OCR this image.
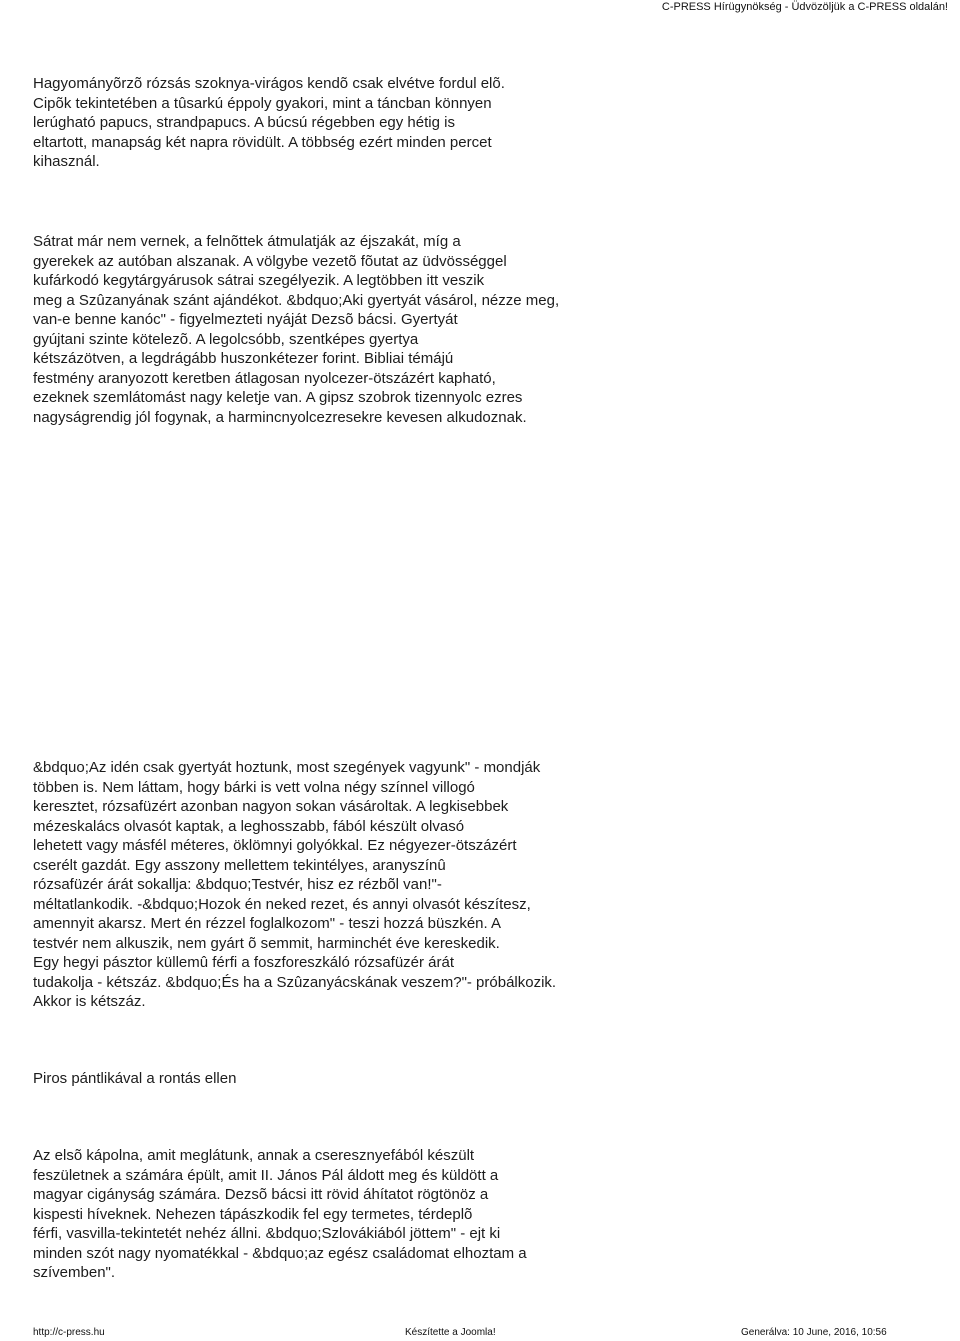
C-PRESS Hírügynökség - Üdvözöljük a C-PRESS oldalán!
Hagyományõrzõ rózsás szoknya-virágos kendõ csak elvétve fordul elõ.
Cipõk tekintetében a tûsarkú éppoly gyakori, mint a táncban könnyen
lerúgható papucs, strandpapucs. A búcsú régebben egy hétig is
eltartott, manapság két napra rövidült. A többség ezért minden percet
kihasznál.
Sátrat már nem vernek, a felnõttek átmulatják az éjszakát, míg a
gyerekek az autóban alszanak. A völgybe vezetõ fõutat az üdvösséggel
kufárkodó kegytárgyárusok sátrai szegélyezik. A legtöbben itt veszik
meg a Szûzanyának szánt ajándékot. &bdquo;Aki gyertyát vásárol, nézze meg,
van-e benne kanóc" - figyelmezteti nyáját Dezsõ bácsi. Gyertyát
gyújtani szinte kötelezõ. A legolcsóbb, szentképes gyertya
kétszázötven, a legdrágább huszonkétezer forint. Bibliai témájú
festmény aranyozott keretben átlagosan nyolcezer-ötszázért kapható,
ezeknek szemlátomást nagy keletje van. A gipsz szobrok tizennyolc ezres
nagyságrendig jól fogynak, a harmincnyolcezresekre kevesen alkudoznak.
&bdquo;Az idén csak gyertyát hoztunk, most szegények vagyunk" - mondják
többen is. Nem láttam, hogy bárki is vett volna négy színnel villogó
keresztet, rózsafüzért azonban nagyon sokan vásároltak. A legkisebbek
mézeskalács olvasót kaptak, a leghosszabb, fából készült olvasó
lehetett vagy másfél méteres, öklömnyi golyókkal. Ez négyezer-ötszázért
cserélt gazdát. Egy asszony mellettem tekintélyes, aranyszínû
rózsafüzér árát sokallja: &bdquo;Testvér, hisz ez rézbõl van!"-
méltatlankodik. -&bdquo;Hozok én neked rezet, és annyi olvasót készítesz,
amennyit akarsz. Mert én rézzel foglalkozom" - teszi hozzá büszkén. A
testvér nem alkuszik, nem gyárt õ semmit, harminchét éve kereskedik.
Egy hegyi pásztor küllemû férfi a foszforeszkáló rózsafüzér árát
tudakolja - kétszáz. &bdquo;És ha a Szûzanyácskának veszem?"- próbálkozik.
Akkor is kétszáz.
Piros pántlikával a rontás ellen
Az elsõ kápolna, amit meglátunk, annak a cseresznyefából készült
feszületnek a számára épült, amit II. János Pál áldott meg és küldött a
magyar cigányság számára. Dezsõ bácsi itt rövid áhítatot rögtönöz a
kispesti híveknek. Nehezen tápászkodik fel egy termetes, térdeplõ
férfi, vasvilla-tekintetét nehéz állni. &bdquo;Szlovákiából jöttem" - ejt ki
minden szót nagy nyomatékkal - &bdquo;az egész családomat elhoztam a
szívemben".
http://c-press.hu	Készítette a Joomla!	Generálva: 10 June, 2016, 10:56
